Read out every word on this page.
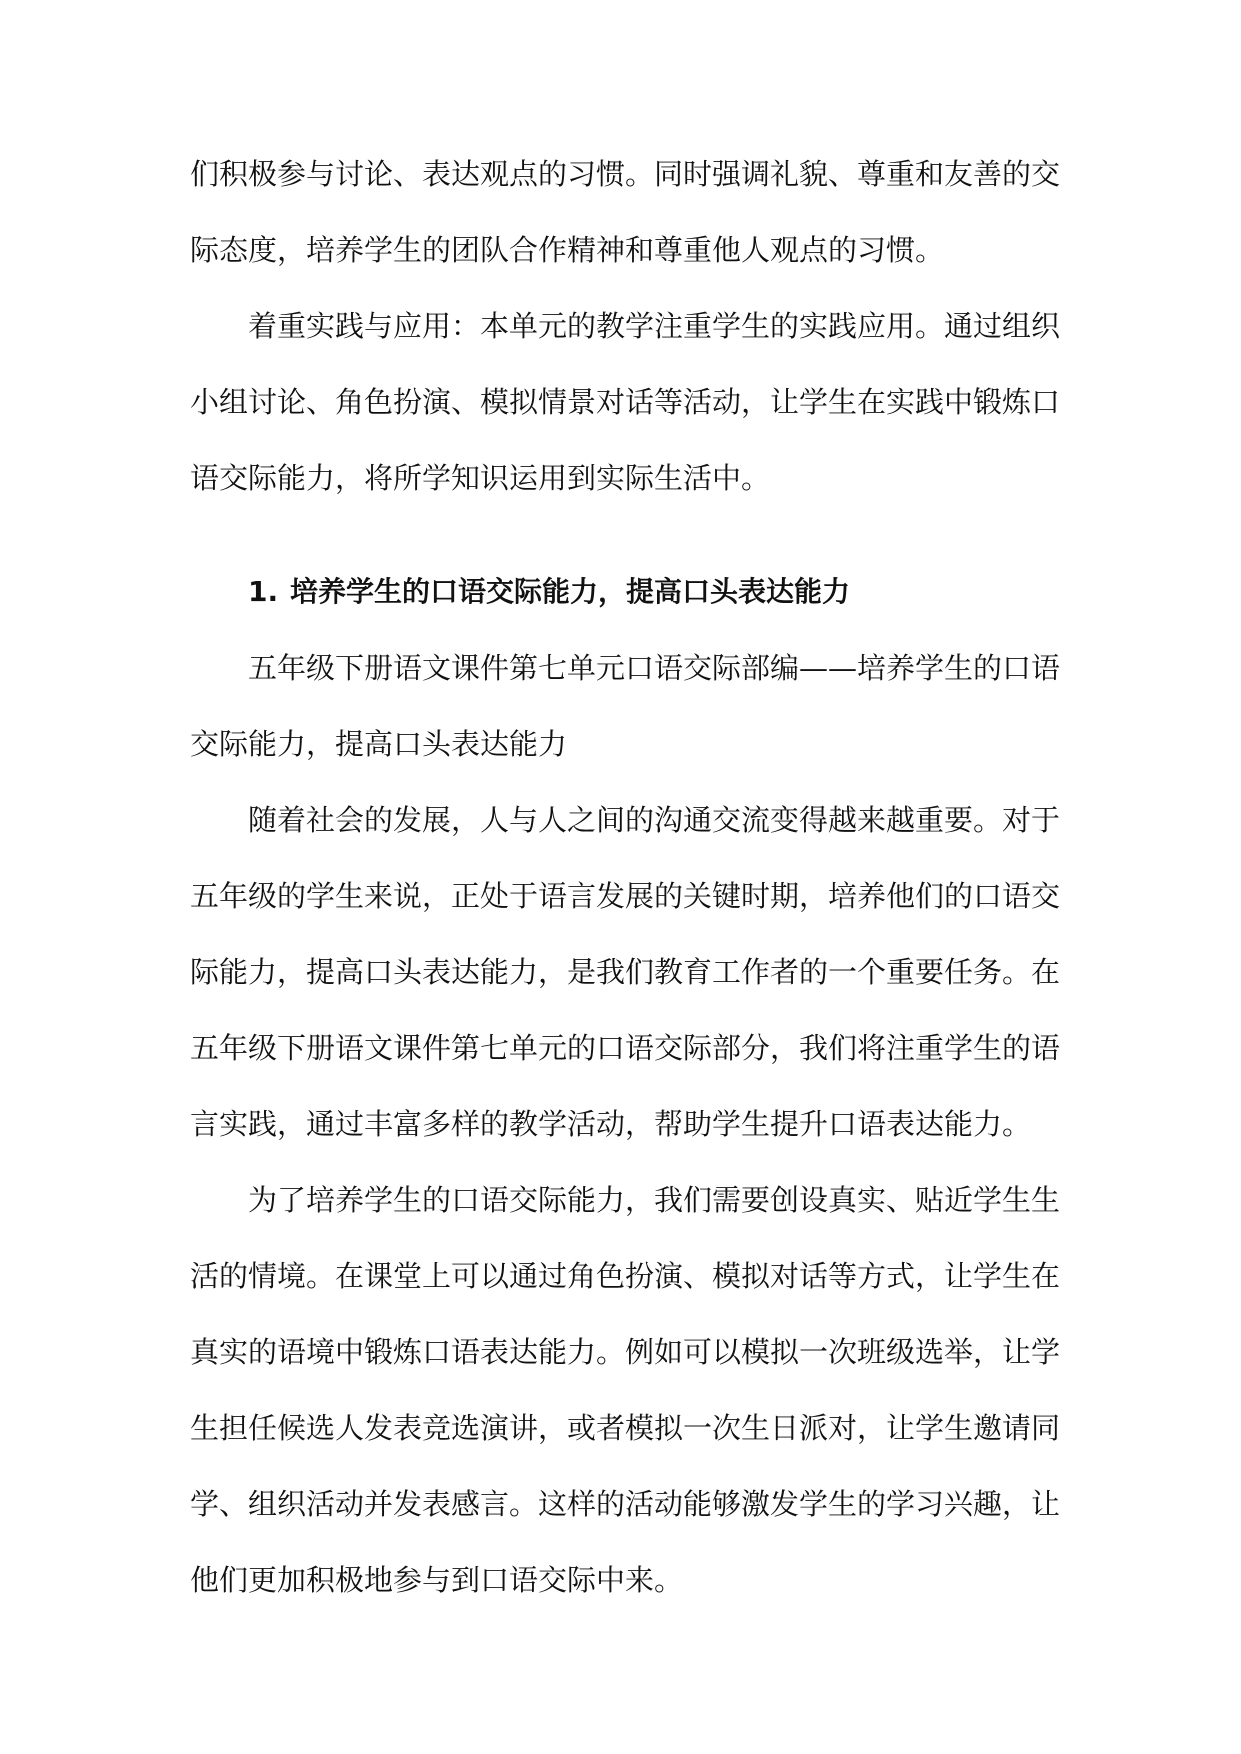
们积极参与讨论、表达观点的习惯。同时强调礼貌、尊重和友善的交际态度，培养学生的团队合作精神和尊重他人观点的习惯。

着重实践与应用：本单元的教学注重学生的实践应用。通过组织小组讨论、角色扮演、模拟情景对话等活动，让学生在实践中锻炼口语交际能力，将所学知识运用到实际生活中。

1. 培养学生的口语交际能力，提高口头表达能力

五年级下册语文课件第七单元口语交际部编——培养学生的口语交际能力，提高口头表达能力

随着社会的发展，人与人之间的沟通交流变得越来越重要。对于五年级的学生来说，正处于语言发展的关键时期，培养他们的口语交际能力，提高口头表达能力，是我们教育工作者的一个重要任务。在五年级下册语文课件第七单元的口语交际部分，我们将注重学生的语言实践，通过丰富多样的教学活动，帮助学生提升口语表达能力。

为了培养学生的口语交际能力，我们需要创设真实、贴近学生生活的情境。在课堂上可以通过角色扮演、模拟对话等方式，让学生在真实的语境中锻炼口语表达能力。例如可以模拟一次班级选举，让学生担任候选人发表竞选演讲，或者模拟一次生日派对，让学生邀请同学、组织活动并发表感言。这样的活动能够激发学生的学习兴趣，让他们更加积极地参与到口语交际中来。
